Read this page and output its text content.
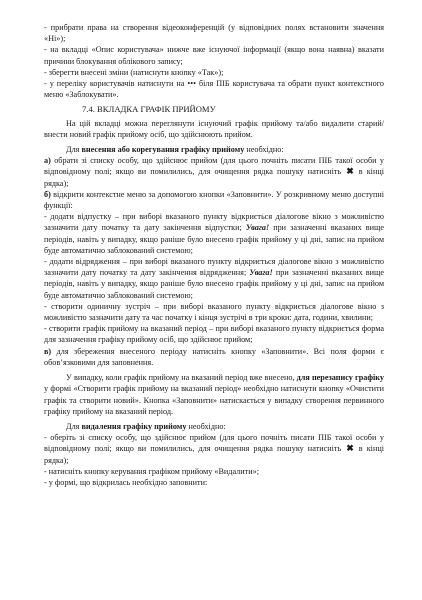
- прибрати права на створення відеоконференцій (у відповідних полях встановити значення «Ні»);

- на вкладці «Опис користувача» нижче вже існуючої інформації (якщо вона наявна) вказати причини блокування облікового запису;

- зберегти внесені зміни (натиснути кнопку «Так»);

- у переліку користувачів натиснути на ••• біля ПІБ користувача та обрати пункт контекстного меню «Заблокувати».

7.4. ВКЛАДКА ГРАФІК ПРИЙОМУ

На цій вкладці можна переглянути існуючий графік прийому та/або видалити старий/внести новий графік прийому осіб, що здійснюють прийом.

Для внесення або корегування графіку прийому необхідно:

а) обрати зі списку особу, що здійснює прийом (для цього почніть писати ПІБ такої особи у відповідному полі; якщо ви помилились, для очищення рядка пошуку натисніть ✖ в кінці рядка);

б) відкрити контекстне меню за допомогою кнопки «Заповнити». У розкривному меню доступні функції:

- додати відпустку – при виборі вказаного пункту відкриється діалогове вікно з можливістю зазначити дату початку та дату закінчення відпустки; Увага! при зазначенні вказаних вище періодів, навіть у випадку, якщо раніше було внесено графік прийому у ці дні, запис на прийом буде автоматично заблокований системою;

- додати відрядження – при виборі вказаного пункту відкриється діалогове вікно з можливістю зазначити дату початку та дату закінчення відрядження; Увага! при зазначенні вказаних вище періодів, навіть у випадку, якщо раніше було внесено графік прийому у ці дні, запис на прийом буде автоматично заблокований системою;

- створити одиничну зустріч – при виборі вказаного пункту відкриється діалогове вікно з можливістю зазначити дату та час початку і кінця зустрічі в три кроки: дата, години, хвилини;

- створити графік прийому на вказаний період – при виборі вказаного пункту відкриється форма для зазначення графіку прийому осіб, що здійснює прийом;

в) для збереження внесеного періоду натисніть кнопку «Заповнити». Всі поля форми є обов’язковими для заповнення.

У випадку, коли графік прийому на вказаний період вже внесено, для перезапису графіку у формі «Створити графік прийому на вказаний період» необхідно натиснути кнопку «Очистити графік та створити новий». Кнопка «Заповнити» натискається у випадку створення первинного графіку прийому на вказаний період.

Для видалення графіку прийому необхідно:

- оберіть зі списку особу, що здійснює прийом (для цього почніть писати ПІБ такої особи у відповідному полі; якщо ви помилились, для очищення рядка пошуку натисніть ✖ в кінці рядка);

- натисніть кнопку керування графіком прийому «Видалити»;

- у формі, що відкрилась необхідно заповнити:
